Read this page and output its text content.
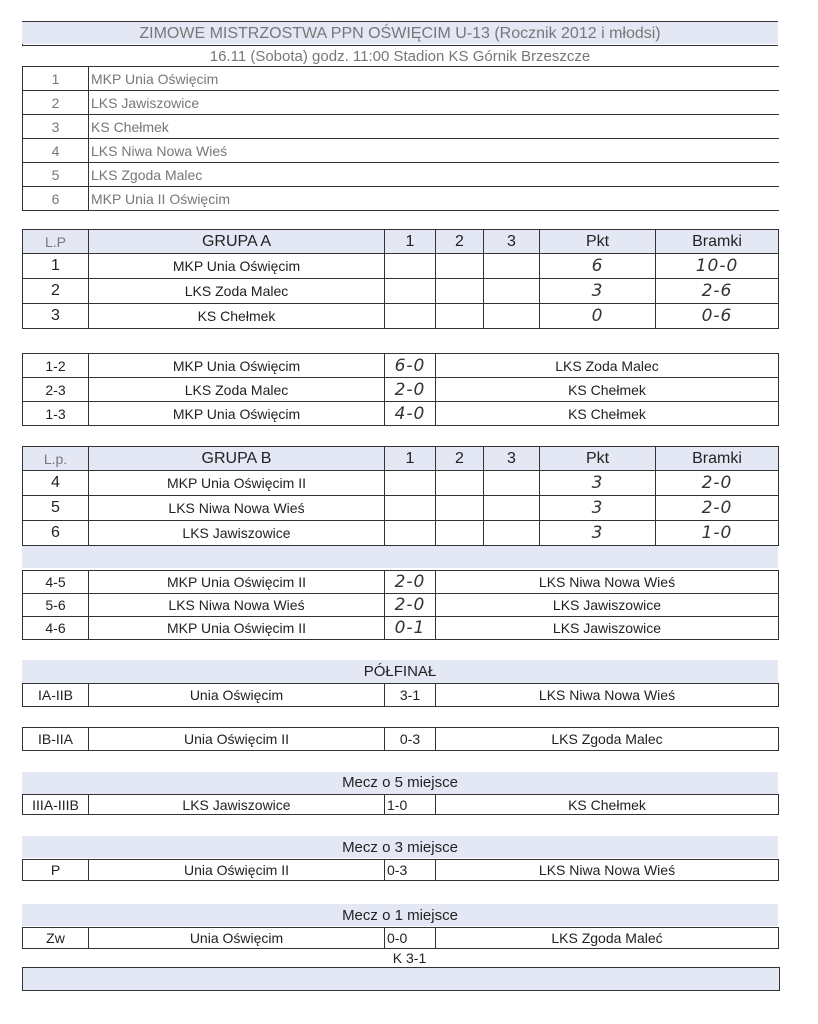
ZIMOWE MISTRZOSTWA PPN OŚWIĘCIM U-13 (Rocznik 2012 i młodsi)
16.11 (Sobota) godz. 11:00 Stadion KS Górnik Brzeszcze
1	MKP Unia Oświęcim
2	LKS Jawiszowice
3	KS Chełmek
4	LKS Niwa Nowa Wieś
5	LKS Zgoda Malec
6	MKP Unia II Oświęcim
L.P	GRUPA A	1	2	3	Pkt	Bramki
1	MKP Unia Oświęcim				6	10-0
2	LKS Zoda Malec				3	2-6
3	KS Chełmek				0	0-6
1-2	MKP Unia Oświęcim	6-0	LKS Zoda Malec
2-3	LKS Zoda Malec	2-0	KS Chełmek
1-3	MKP Unia Oświęcim	4-0	KS Chełmek
L.p.	GRUPA B	1	2	3	Pkt	Bramki
4	MKP Unia Oświęcim II				3	2-0
5	LKS Niwa Nowa Wieś				3	2-0
6	LKS Jawiszowice				3	1-0
4-5	MKP Unia Oświęcim II	2-0	LKS Niwa Nowa Wieś
5-6	LKS Niwa Nowa Wieś	2-0	LKS Jawiszowice
4-6	MKP Unia Oświęcim II	0-1	LKS Jawiszowice
PÓŁFINAŁ
IA-IIB	Unia Oświęcim	3-1	LKS Niwa Nowa Wieś
IB-IIA	Unia Oświęcim II	0-3	LKS Zgoda Malec
Mecz o 5 miejsce
IIIA-IIIB	LKS Jawiszowice	1-0	KS Chełmek
Mecz o 3 miejsce
P	Unia Oświęcim II	0-3	LKS Niwa Nowa Wieś
Mecz o 1 miejsce
Zw	Unia Oświęcim	0-0	LKS Zgoda Maleć
K 3-1
